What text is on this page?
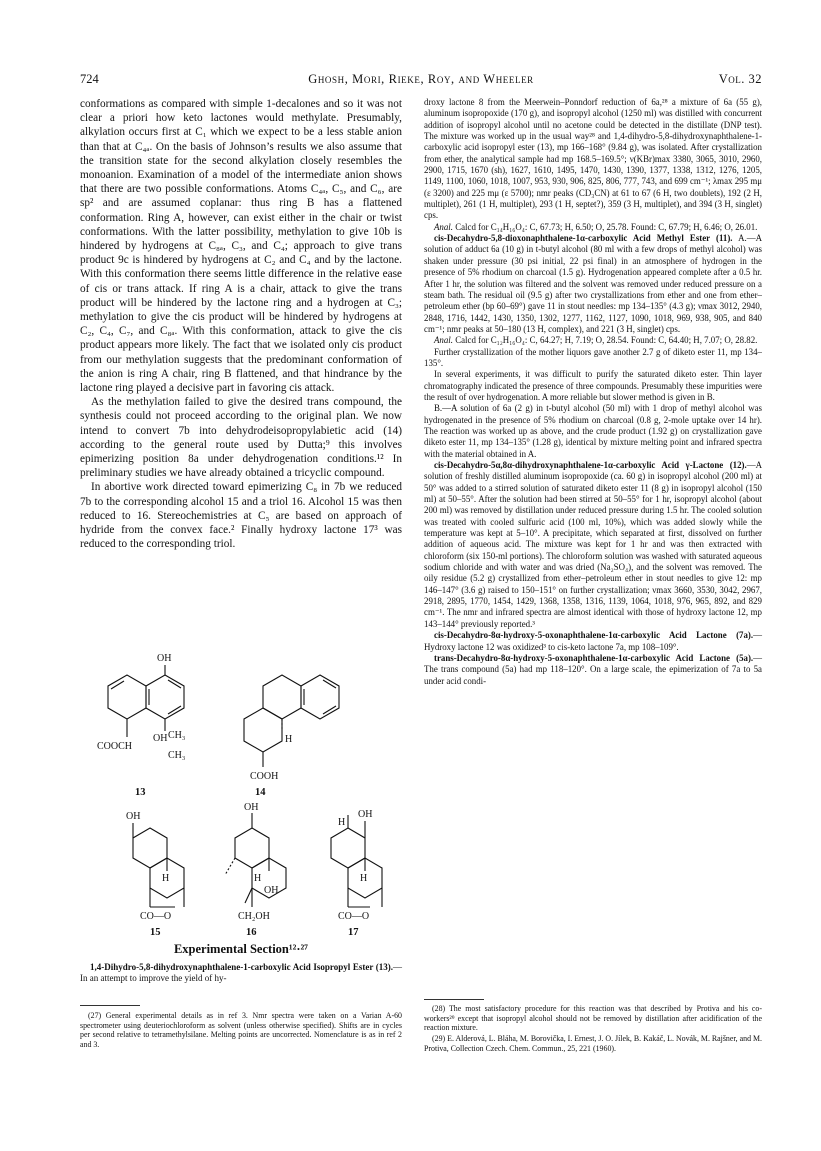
724	Ghosh, Mori, Rieke, Roy, and Wheeler	Vol. 32

conformations as compared with simple 1-decalones and so it was not clear a priori how keto lactones would methylate. Presumably, alkylation occurs first at C₁ which we expect to be a less stable anion than that at C₄ₐ. On the basis of Johnson’s results we also assume that the transition state for the second alkylation closely resembles the monoanion. Examination of a model of the intermediate anion shows that there are two possible conformations. Atoms C₄ₐ, C₅, and C₆, are sp² and are assumed coplanar: thus ring B has a flattened conformation. Ring A, however, can exist either in the chair or twist conformations. With the latter possibility, methylation to give 10b is hindered by hydrogens at C₈ₐ, C₃, and C₄; approach to give trans product 9c is hindered by hydrogens at C₂ and C₄ and by the lactone. With this conformation there seems little difference in the relative ease of cis or trans attack. If ring A is a chair, attack to give the trans product will be hindered by the lactone ring and a hydrogen at C₃; methylation to give the cis product will be hindered by hydrogens at C₂, C₄, C₇, and C₈ₐ. With this conformation, attack to give the cis product appears more likely. The fact that we isolated only cis product from our methylation suggests that the predominant conformation of the anion is ring A chair, ring B flattened, and that hindrance by the lactone ring played a decisive part in favoring cis attack.

As the methylation failed to give the desired trans compound, the synthesis could not proceed according to the original plan. We now intend to convert 7b into dehydrodeisopropylabietic acid (14) according to the general route used by Dutta;⁹ this involves epimerizing position 8a under dehydrogenation conditions.¹² In preliminary studies we have already obtained a tricyclic compound.

In abortive work directed toward epimerizing C₈ in 7b we reduced 7b to the corresponding alcohol 15 and a triol 16. Alcohol 15 was then reduced to 16. Stereochemistries at C₅ are based on approach of hydride from the convex face.² Finally hydroxy lactone 17³ was reduced to the corresponding triol.

OH
OH CH₃
COOCH
CH₃
13
H
COOH
14
OH
H
CO—O
15
OH
H
OH
CH₂OH
16
OH
H
H
CO—O
17
Experimental Section¹²·²⁷

1,4-Dihydro-5,8-dihydroxynaphthalene-1-carboxylic Acid Isopropyl Ester (13).—In an attempt to improve the yield of hy-

(27) General experimental details as in ref 3. Nmr spectra were taken on a Varian A-60 spectrometer using deuteriochloroform as solvent (unless otherwise specified). Shifts are in cycles per second relative to tetramethylsilane. Melting points are uncorrected. Nomenclature is as in ref 2 and 3.

droxy lactone 8 from the Meerwein–Ponndorf reduction of 6a,²⁸ a mixture of 6a (55 g), aluminum isopropoxide (170 g), and isopropyl alcohol (1250 ml) was distilled with concurrent addition of isopropyl alcohol until no acetone could be detected in the distillate (DNP test). The mixture was worked up in the usual way²⁸ and 1,4-dihydro-5,8-dihydroxynaphthalene-1-carboxylic acid isopropyl ester (13), mp 166–168° (9.84 g), was isolated. After crystallization from ether, the analytical sample had mp 168.5–169.5°; ν(KBr)max 3380, 3065, 3010, 2960, 2900, 1715, 1670 (sh), 1627, 1610, 1495, 1470, 1430, 1390, 1377, 1338, 1312, 1276, 1205, 1149, 1100, 1060, 1018, 1007, 953, 930, 906, 825, 806, 777, 743, and 699 cm⁻¹; λmax 295 mμ (ε 3200) and 225 mμ (ε 5700); nmr peaks (CD₃CN) at 61 to 67 (6 H, two doublets), 192 (2 H, multiplet), 261 (1 H, multiplet), 293 (1 H, septet?), 359 (3 H, multiplet), and 394 (3 H, singlet) cps.

Anal. Calcd for C₁₄H₁₆O₄: C, 67.73; H, 6.50; O, 25.78. Found: C, 67.79; H, 6.46; O, 26.01.

cis-Decahydro-5,8-dioxonaphthalene-1α-carboxylic Acid Methyl Ester (11). A.—A solution of adduct 6a (10 g) in t-butyl alcohol (80 ml with a few drops of methyl alcohol) was shaken under pressure (30 psi initial, 22 psi final) in an atmosphere of hydrogen in the presence of 5% rhodium on charcoal (1.5 g). Hydrogenation appeared complete after a 0.5 hr. After 1 hr, the solution was filtered and the solvent was removed under reduced pressure on a steam bath. The residual oil (9.5 g) after two crystallizations from ether and one from ether–petroleum ether (bp 60–69°) gave 11 in stout needles: mp 134–135° (4.3 g); νmax 3012, 2940, 2848, 1716, 1442, 1430, 1350, 1302, 1277, 1162, 1127, 1090, 1018, 969, 938, 905, and 840 cm⁻¹; nmr peaks at 50–180 (13 H, complex), and 221 (3 H, singlet) cps.

Anal. Calcd for C₁₂H₁₆O₄: C, 64.27; H, 7.19; O, 28.54. Found: C, 64.40; H, 7.07; O, 28.82.

Further crystallization of the mother liquors gave another 2.7 g of diketo ester 11, mp 134–135°.

In several experiments, it was difficult to purify the saturated diketo ester. Thin layer chromatography indicated the presence of three compounds. Presumably these impurities were the result of over hydrogenation. A more reliable but slower method is given in B.

B.—A solution of 6a (2 g) in t-butyl alcohol (50 ml) with 1 drop of methyl alcohol was hydrogenated in the presence of 5% rhodium on charcoal (0.8 g, 2-mole uptake over 14 hr). The reaction was worked up as above, and the crude product (1.92 g) on crystallization gave diketo ester 11, mp 134–135° (1.28 g), identical by mixture melting point and infrared spectra with the material obtained in A.

cis-Decahydro-5α,8α-dihydroxynaphthalene-1α-carboxylic Acid γ-Lactone (12).—A solution of freshly distilled aluminum isopropoxide (ca. 60 g) in isopropyl alcohol (200 ml) at 50° was added to a stirred solution of saturated diketo ester 11 (8 g) in isopropyl alcohol (150 ml) at 50–55°. After the solution had been stirred at 50–55° for 1 hr, isopropyl alcohol (about 200 ml) was removed by distillation under reduced pressure during 1.5 hr. The cooled solution was treated with cooled sulfuric acid (100 ml, 10%), which was added slowly while the temperature was kept at 5–10°. A precipitate, which separated at first, dissolved on further addition of aqueous acid. The mixture was kept for 1 hr and was then extracted with chloroform (six 150-ml portions). The chloroform solution was washed with saturated aqueous sodium chloride and with water and was dried (Na₂SO₄), and the solvent was removed. The oily residue (5.2 g) crystallized from ether–petroleum ether in stout needles to give 12: mp 146–147° (3.6 g) raised to 150–151° on further crystallization; νmax 3660, 3530, 3042, 2967, 2918, 2895, 1770, 1454, 1429, 1368, 1358, 1316, 1139, 1064, 1018, 976, 965, 892, and 829 cm⁻¹. The nmr and infrared spectra are almost identical with those of hydroxy lactone 12, mp 143–144° previously reported.³

cis-Decahydro-8α-hydroxy-5-oxonaphthalene-1α-carboxylic Acid Lactone (7a).—Hydroxy lactone 12 was oxidized³ to cis-keto lactone 7a, mp 108–109°.

trans-Decahydro-8α-hydroxy-5-oxonaphthalene-1α-carboxylic Acid Lactone (5a).—The trans compound (5a) had mp 118–120°. On a large scale, the epimerization of 7a to 5a under acid condi-

(28) The most satisfactory procedure for this reaction was that described by Protiva and his co-workers²⁹ except that isopropyl alcohol should not be removed by distillation after acidification of the reaction mixture.

(29) E. Alderová, L. Bláha, M. Borovička, I. Ernest, J. O. Jílek, B. Kakáč, L. Novák, M. Rajšner, and M. Protiva, Collection Czech. Chem. Commun., 25, 221 (1960).
